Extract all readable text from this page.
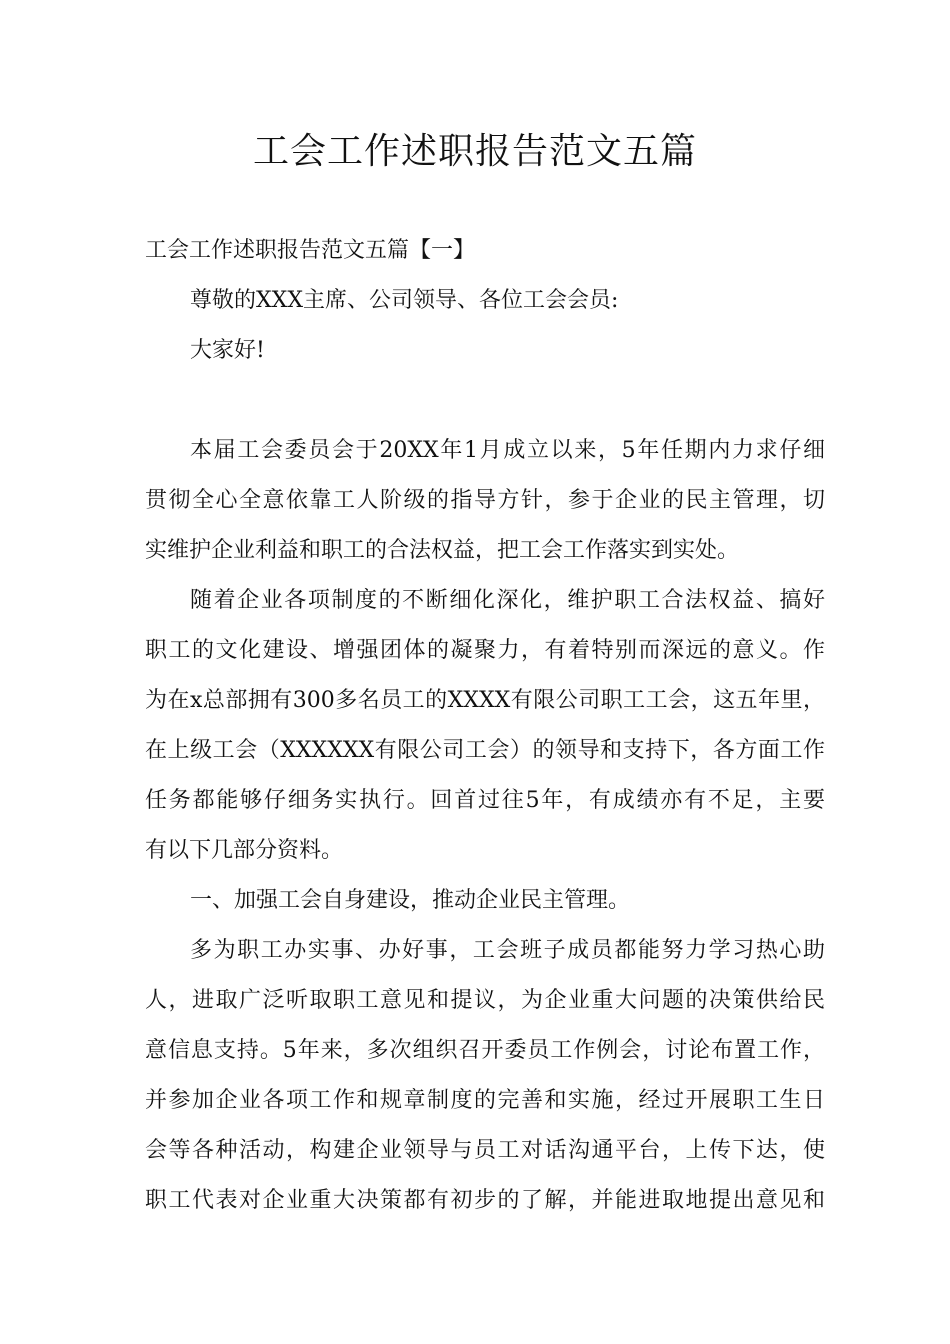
工会工作述职报告范文五篇

工会工作述职报告范文五篇【一】

尊敬的XXX主席、公司领导、各位工会会员:

大家好!

本届工会委员会于20XX年1月成立以来，5年任期内力求仔细

贯彻全心全意依靠工人阶级的指导方针，参于企业的民主管理，切

实维护企业利益和职工的合法权益，把工会工作落实到实处。

随着企业各项制度的不断细化深化，维护职工合法权益、搞好

职工的文化建设、增强团体的凝聚力，有着特别而深远的意义。作

为在x总部拥有300多名员工的XXXX有限公司职工工会，这五年里，

在上级工会（XXXXXX有限公司工会）的领导和支持下，各方面工作

任务都能够仔细务实执行。回首过往5年，有成绩亦有不足，主要

有以下几部分资料。

一、加强工会自身建设，推动企业民主管理。

多为职工办实事、办好事，工会班子成员都能努力学习热心助

人，进取广泛听取职工意见和提议，为企业重大问题的决策供给民

意信息支持。5年来，多次组织召开委员工作例会，讨论布置工作，

并参加企业各项工作和规章制度的完善和实施，经过开展职工生日

会等各种活动，构建企业领导与员工对话沟通平台，上传下达，使

职工代表对企业重大决策都有初步的了解，并能进取地提出意见和
